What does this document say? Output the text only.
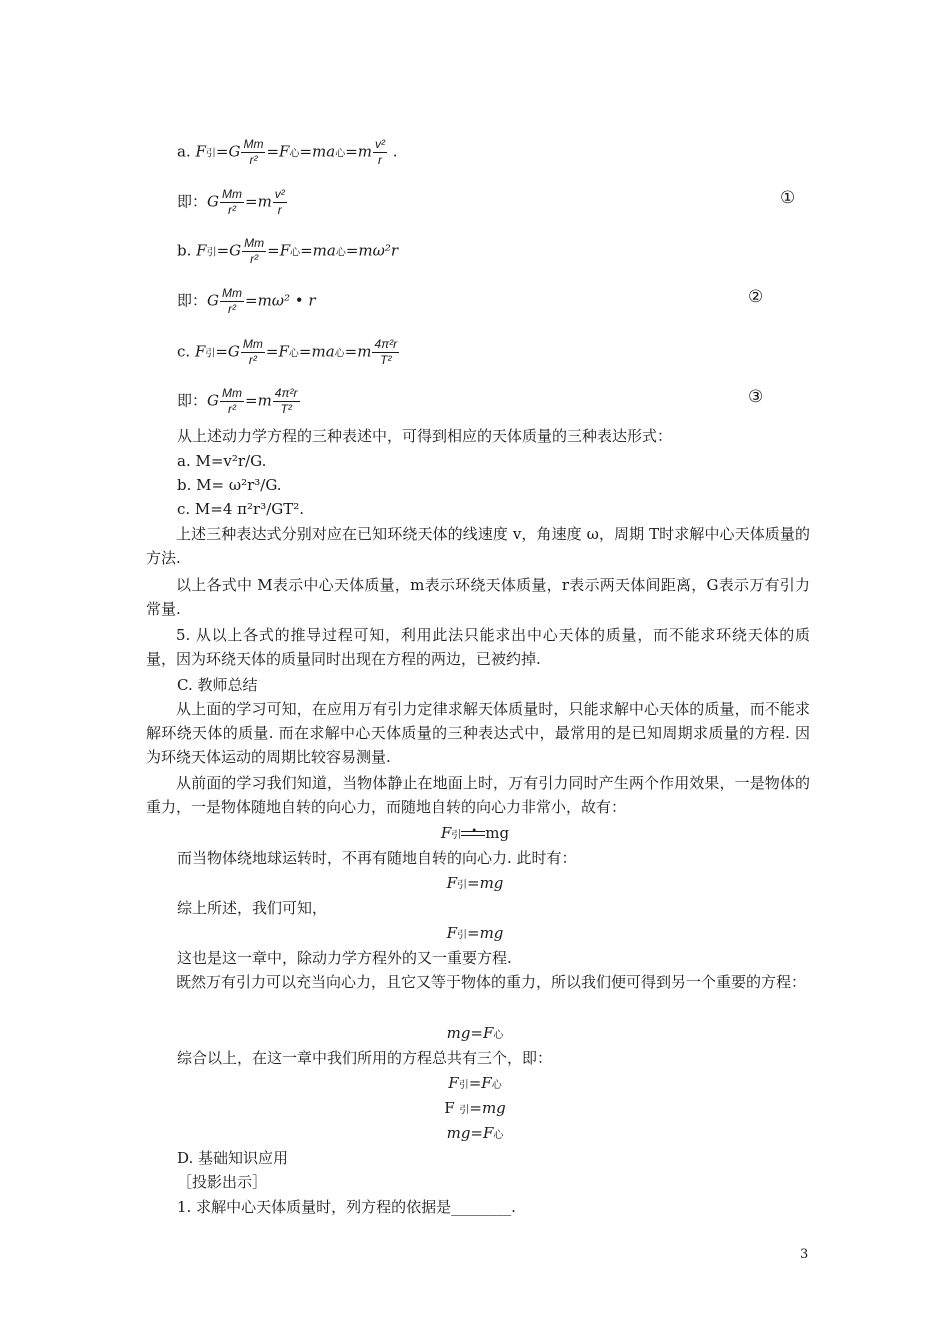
a. F引$=G \frac{Mm}{\text{r²}} =F$心=ma心$=m \frac{\text{v²}}{r}$ .
即：G $\frac{Mm}{\text{r²}} =m \frac{\text{v²}}{r}$	①
b. F引$=G \frac{Mm}{\text{r²}} =F$心=ma心=mω²r
即：G $\frac{Mm}{\text{r²}} =m\omega^2$ • r	②
c. F引$=G \frac{Mm}{\text{r²}} =F$心=ma心$=m \frac{\text{4π²r}}{\text{T²}}$
即：G $\frac{Mm}{\text{r²}} =m \frac{\text{4π²r}}{\text{T²}}$	③
从上述动力学方程的三种表述中，可得到相应的天体质量的三种表达形式：
a. M=v²r/G.
b. M= ω²r³/G.
c. M=4 π²r³/GT².
上述三种表达式分别对应在已知环绕天体的线速度 v，角速度 ω，周期 T时求解中心天体质量的方法.
以上各式中 M表示中心天体质量，m表示环绕天体质量，r表示两天体间距离，G表示万有引力常量.
5. 从以上各式的推导过程可知，利用此法只能求出中心天体的质量，而不能求环绕天体的质量，因为环绕天体的质量同时出现在方程的两边，已被约掉.
C. 教师总结
从上面的学习可知，在应用万有引力定律求解天体质量时，只能求解中心天体的质量，而不能求解环绕天体的质量. 而在求解中心天体质量的三种表达式中，最常用的是已知周期求质量的方程. 因为环绕天体运动的周期比较容易测量.
从前面的学习我们知道，当物体静止在地面上时，万有引力同时产生两个作用效果，一是物体的重力，一是物体随地自转的向心力，而随地自转的向心力非常小，故有：
F引 • mg
而当物体绕地球运转时，不再有随地自转的向心力. 此时有：
F引=mg
综上所述，我们可知，
F引=mg
这也是这一章中，除动力学方程外的又一重要方程.
既然万有引力可以充当向心力，且它又等于物体的重力，所以我们便可得到另一个重要的方程：
mg=F心
综合以上，在这一章中我们所用的方程总共有三个，即：
F引=F心
F 引=mg
mg=F心
D. 基础知识应用
［投影出示］
1. 求解中心天体质量时，列方程的依据是________.
3
